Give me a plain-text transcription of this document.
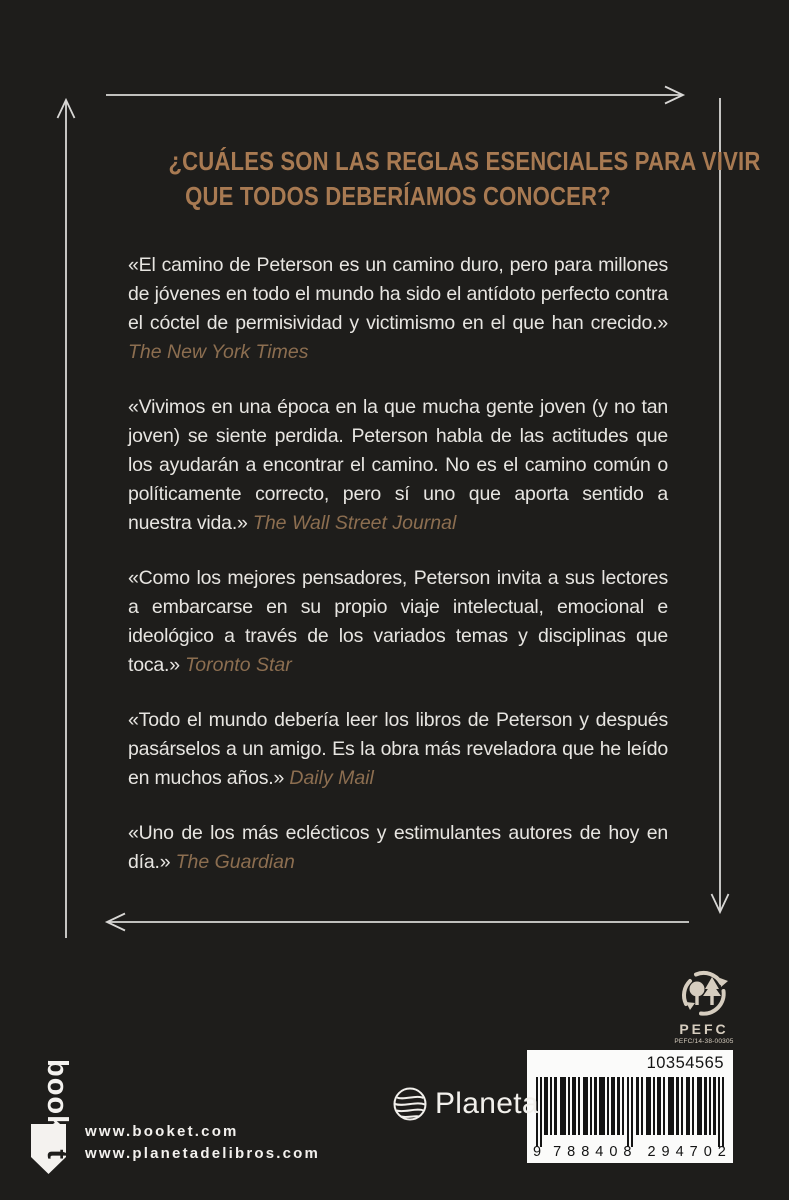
¿CUÁLES SON LAS REGLAS ESENCIALES PARA VIVIR
QUE TODOS DEBERÍAMOS CONOCER?

«El camino de Peterson es un camino duro, pero para millones de jóvenes en todo el mundo ha sido el antídoto perfecto contra el cóctel de permisividad y victimismo en el que han crecido.» The New York Times

«Vivimos en una época en la que mucha gente joven (y no tan joven) se siente perdida. Peterson habla de las actitudes que los ayudarán a encontrar el camino. No es el camino común o políticamente correcto, pero sí uno que aporta sentido a nuestra vida.» The Wall Street Journal

«Como los mejores pensadores, Peterson invita a sus lectores a embarcarse en su propio viaje intelectual, emocional e ideológico a través de los variados temas y disciplinas que toca.» Toronto Star

«Todo el mundo debería leer los libros de Peterson y después pasárselos a un amigo. Es la obra más reveladora que he leído en muchos años.» Daily Mail

«Uno de los más eclécticos y estimulantes autores de hoy en día.» The Guardian

PEFC
PEFC/14-38-00305
10354565
9 788408 294702
Planeta
booket
www.booket.com
www.planetadelibros.com
